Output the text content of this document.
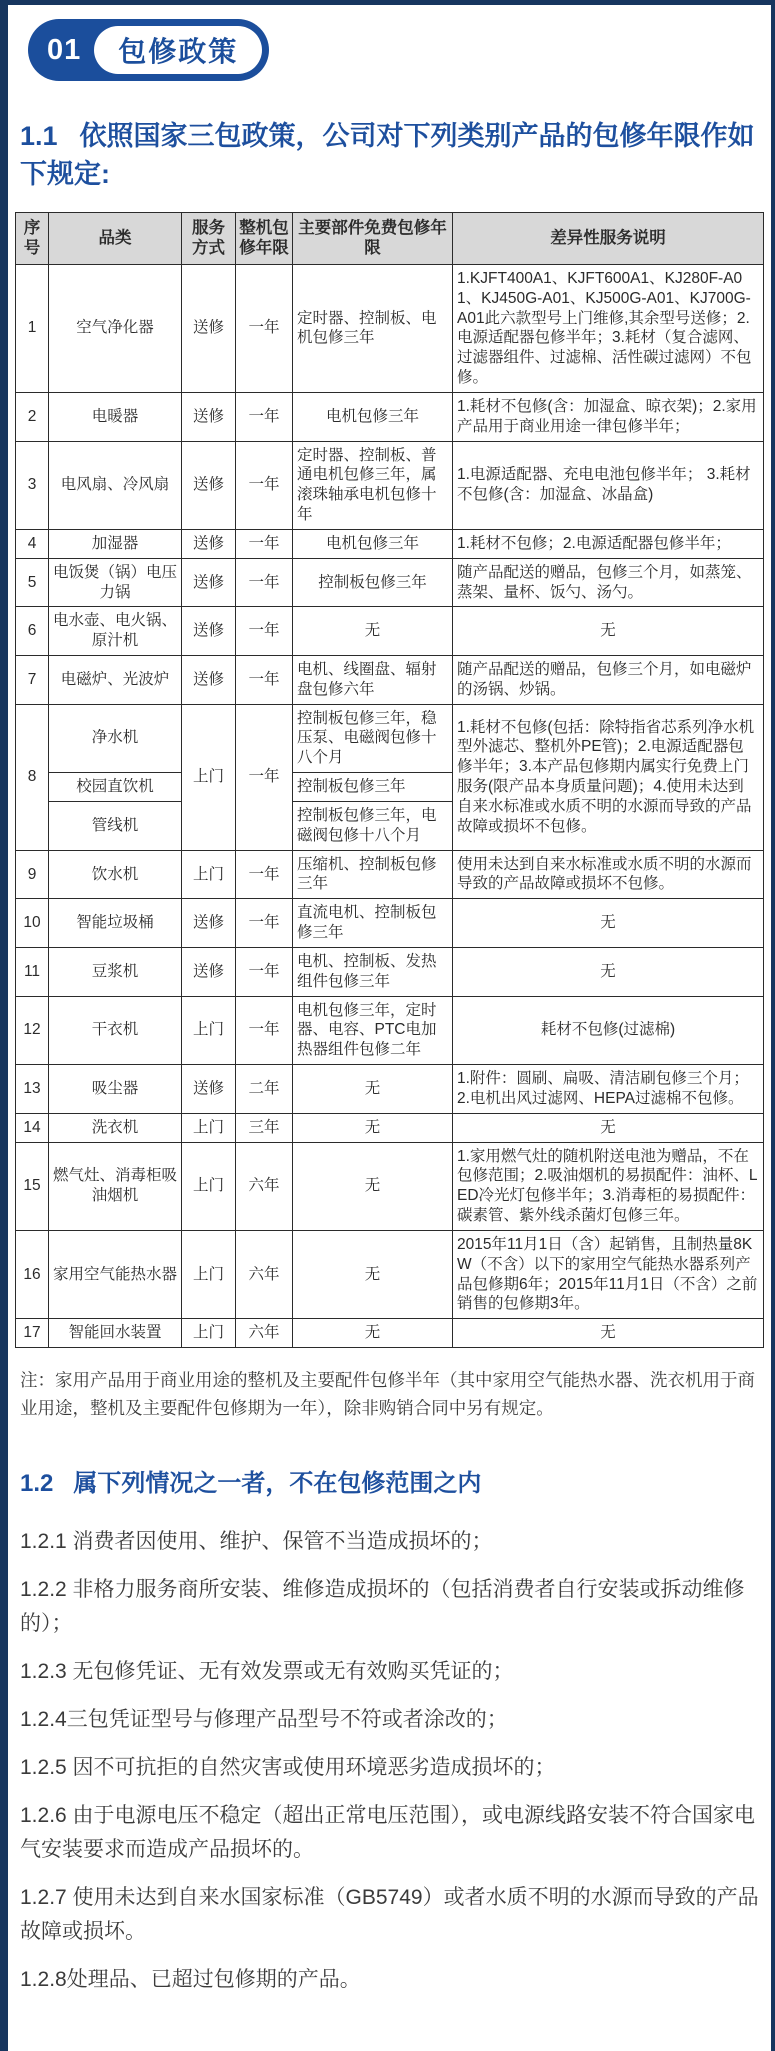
01	包修政策
1.1 依照国家三包政策，公司对下列类别产品的包修年限作如下规定:
序号	品类	服务方式	整机包修年限	主要部件免费包修年限	差异性服务说明
1	空气净化器	送修	一年	定时器、控制板、电机包修三年	1.KJFT400A1、KJFT600A1、KJ280F-A01、KJ450G-A01、KJ500G-A01、KJ700G-A01此六款型号上门维修,其余型号送修；2.电源适配器包修半年；3.耗材（复合滤网、过滤器组件、过滤棉、活性碳过滤网）不包修。
2	电暖器	送修	一年	电机包修三年	1.耗材不包修(含：加湿盒、晾衣架)；2.家用产品用于商业用途一律包修半年；
3	电风扇、冷风扇	送修	一年	定时器、控制板、普通电机包修三年，属滚珠轴承电机包修十年	1.电源适配器、充电电池包修半年； 3.耗材不包修(含：加湿盒、冰晶盒)
4	加湿器	送修	一年	电机包修三年	1.耗材不包修；2.电源适配器包修半年；
5	电饭煲（锅）电压力锅	送修	一年	控制板包修三年	随产品配送的赠品，包修三个月，如蒸笼、蒸架、量杯、饭勺、汤勺。
6	电水壶、电火锅、原汁机	送修	一年	无	无
7	电磁炉、光波炉	送修	一年	电机、线圈盘、辐射盘包修六年	随产品配送的赠品，包修三个月，如电磁炉的汤锅、炒锅。
8	净水机	上门	一年	控制板包修三年，稳压泵、电磁阀包修十八个月	1.耗材不包修(包括：除特指省芯系列净水机型外滤芯、整机外PE管)；2.电源适配器包修半年；3.本产品包修期内属实行免费上门服务(限产品本身质量问题)；4.使用未达到自来水标准或水质不明的水源而导致的产品故障或损坏不包修。
	校园直饮机			控制板包修三年	
	管线机			控制板包修三年，电磁阀包修十八个月	
9	饮水机	上门	一年	压缩机、控制板包修三年	使用未达到自来水标准或水质不明的水源而导致的产品故障或损坏不包修。
10	智能垃圾桶	送修	一年	直流电机、控制板包修三年	无
11	豆浆机	送修	一年	电机、控制板、发热组件包修三年	无
12	干衣机	上门	一年	电机包修三年，定时器、电容、PTC电加热器组件包修二年	耗材不包修(过滤棉)
13	吸尘器	送修	二年	无	1.附件：圆刷、扁吸、清洁刷包修三个月；2.电机出风过滤网、HEPA过滤棉不包修。
14	洗衣机	上门	三年	无	无
15	燃气灶、消毒柜吸油烟机	上门	六年	无	1.家用燃气灶的随机附送电池为赠品，不在包修范围；2.吸油烟机的易损配件：油杯、LED冷光灯包修半年；3.消毒柜的易损配件：碳素管、紫外线杀菌灯包修三年。
16	家用空气能热水器	上门	六年	无	2015年11月1日（含）起销售，且制热量8KW（不含）以下的家用空气能热水器系列产品包修期6年；2015年11月1日（不含）之前销售的包修期3年。
17	智能回水装置	上门	六年	无	无

注：家用产品用于商业用途的整机及主要配件包修半年（其中家用空气能热水器、洗衣机用于商业用途，整机及主要配件包修期为一年），除非购销合同中另有规定。

1.2 属下列情况之一者，不在包修范围之内

1.2.1 消费者因使用、维护、保管不当造成损坏的；

1.2.2 非格力服务商所安装、维修造成损坏的（包括消费者自行安装或拆动维修的）；

1.2.3 无包修凭证、无有效发票或无有效购买凭证的；

1.2.4三包凭证型号与修理产品型号不符或者涂改的；

1.2.5 因不可抗拒的自然灾害或使用环境恶劣造成损坏的；

1.2.6 由于电源电压不稳定（超出正常电压范围），或电源线路安装不符合国家电气安装要求而造成产品损坏的。

1.2.7 使用未达到自来水国家标准（GB5749）或者水质不明的水源而导致的产品故障或损坏。

1.2.8处理品、已超过包修期的产品。
